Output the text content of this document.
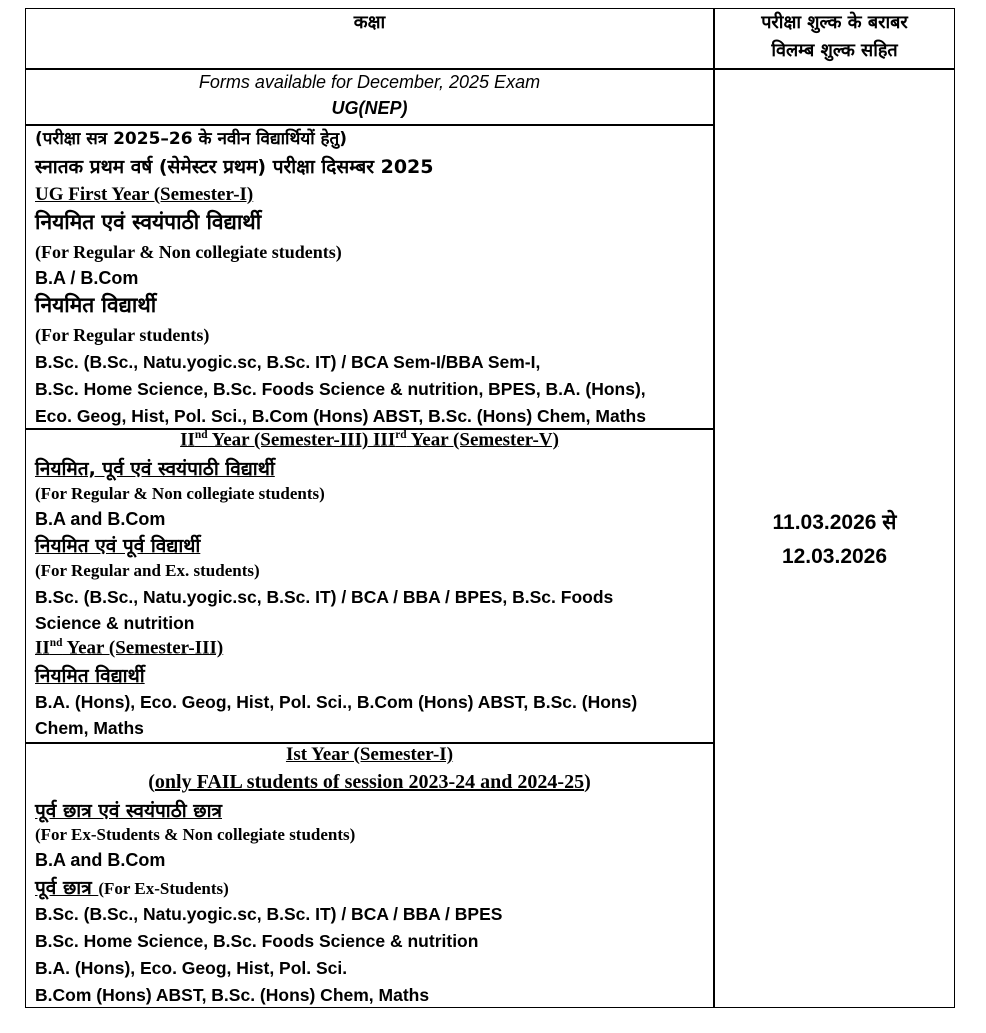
कक्षा	परीक्षा शुल्क के बराबर
विलम्ब शुल्क सहित
Forms available for December, 2025 Exam
UG(NEP)
11.03.2026 से
12.03.2026
(परीक्षा सत्र 2025–26 के नवीन विद्यार्थियों हेतु)
स्नातक प्रथम वर्ष (सेमेस्टर प्रथम) परीक्षा दिसम्बर 2025
UG First Year (Semester-I)
नियमित एवं स्वयंपाठी विद्यार्थी
(For Regular & Non collegiate students)
B.A / B.Com
नियमित विद्यार्थी
(For Regular students)
B.Sc. (B.Sc., Natu.yogic.sc, B.Sc. IT) / BCA Sem-I/BBA Sem-I,
B.Sc. Home Science, B.Sc. Foods Science & nutrition, BPES, B.A. (Hons),
Eco. Geog, Hist, Pol. Sci., B.Com (Hons) ABST, B.Sc. (Hons) Chem, Maths
IInd Year (Semester-III) IIIrd Year (Semester-V)
नियमित, पूर्व एवं स्वयंपाठी विद्यार्थी
(For Regular & Non collegiate students)
B.A and B.Com
नियमित एवं पूर्व विद्यार्थी
(For Regular and Ex. students)
B.Sc. (B.Sc., Natu.yogic.sc, B.Sc. IT) / BCA / BBA / BPES, B.Sc. Foods
Science & nutrition
IInd Year (Semester-III)
नियमित विद्यार्थी
B.A. (Hons), Eco. Geog, Hist, Pol. Sci., B.Com (Hons) ABST, B.Sc. (Hons)
Chem, Maths
Ist Year (Semester-I)
(only FAIL students of session 2023-24 and 2024-25)
पूर्व छात्र एवं स्वयंपाठी छात्र
(For Ex-Students & Non collegiate students)
B.A and B.Com
पूर्व छात्र (For Ex-Students)
B.Sc. (B.Sc., Natu.yogic.sc, B.Sc. IT) / BCA / BBA / BPES
B.Sc. Home Science, B.Sc. Foods Science & nutrition
B.A. (Hons), Eco. Geog, Hist, Pol. Sci.
B.Com (Hons) ABST, B.Sc. (Hons) Chem, Maths
